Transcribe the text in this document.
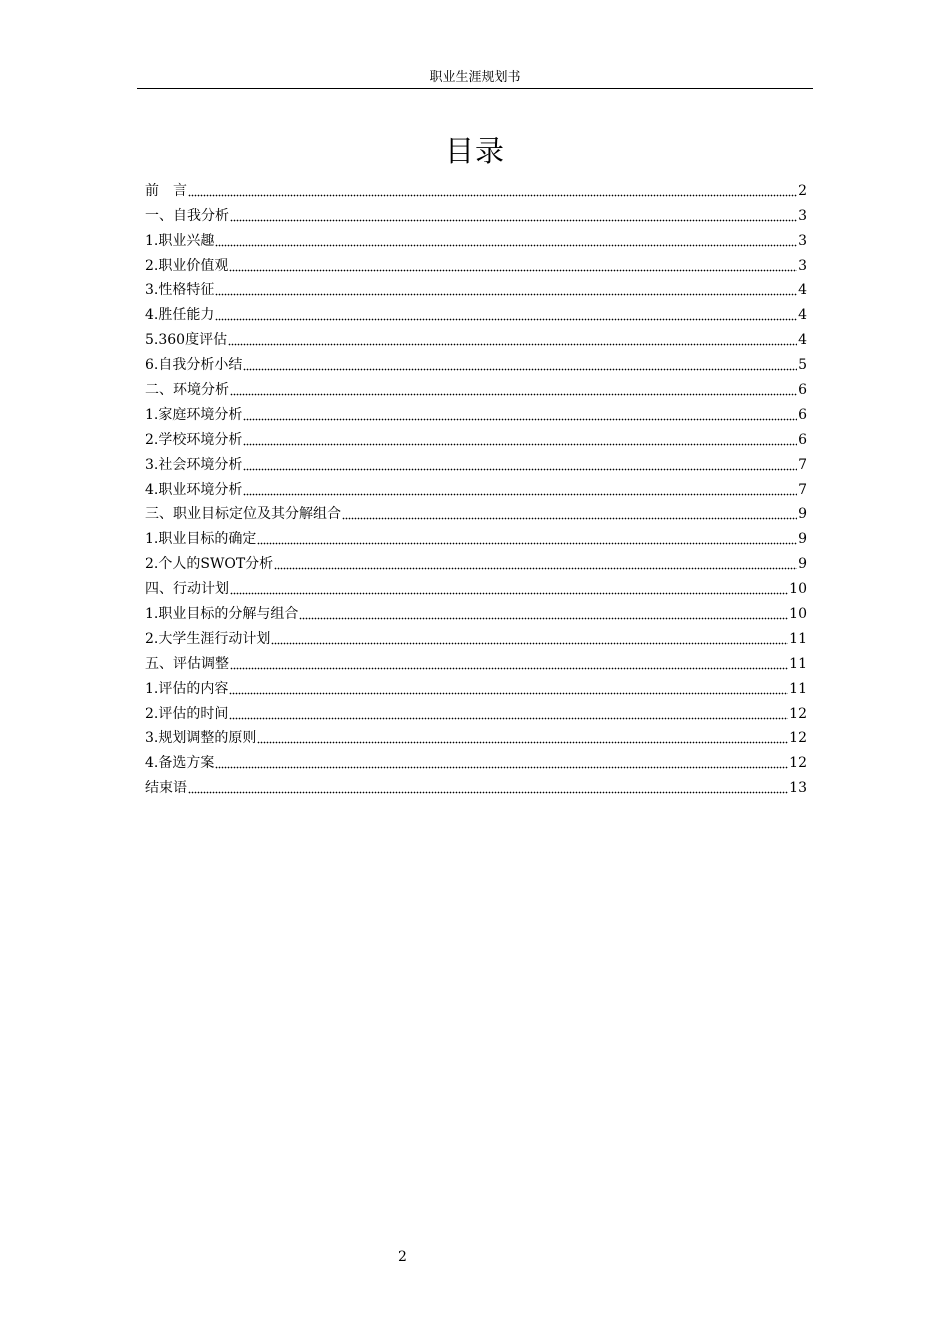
职业生涯规划书
目录
前　言	2
一、自我分析	3
1.职业兴趣	3
2.职业价值观	3
3.性格特征	4
4.胜任能力	4
5.360度评估	4
6.自我分析小结	5
二、环境分析	6
1.家庭环境分析	6
2.学校环境分析	6
3.社会环境分析	7
4.职业环境分析	7
三、职业目标定位及其分解组合	9
1.职业目标的确定	9
2.个人的SWOT分析	9
四、行动计划	10
1.职业目标的分解与组合	10
2.大学生涯行动计划	11
五、评估调整	11
1.评估的内容	11
2.评估的时间	12
3.规划调整的原则	12
4.备选方案	12
结束语	13
2
